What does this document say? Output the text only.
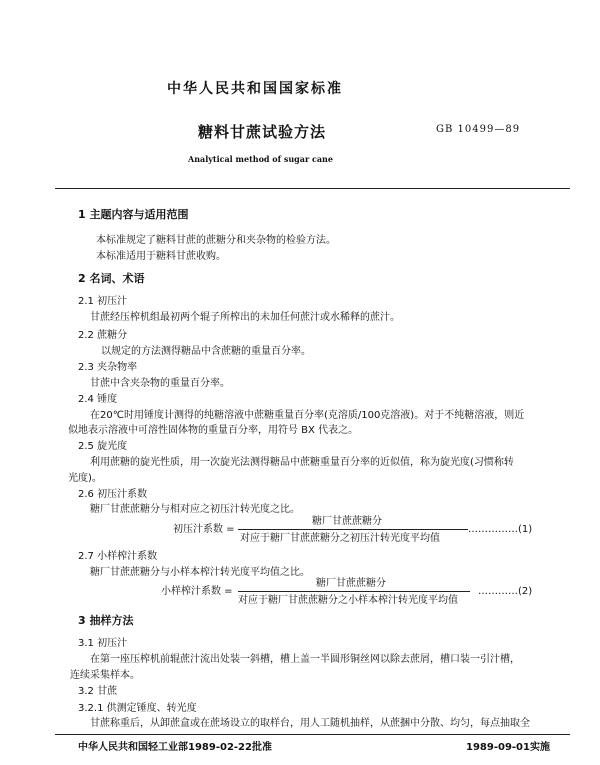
中华人民共和国国家标准
糖料甘蔗试验方法	GB 10499—89
Analytical method of sugar cane
1 主题内容与适用范围
本标准规定了糖料甘蔗的蔗糖分和夹杂物的检验方法。
本标准适用于糖料甘蔗收购。
2 名词、术语
2.1 初压汁
甘蔗经压榨机组最初两个辊子所榨出的未加任何蔗汁或水稀释的蔗汁。
2.2 蔗糖分
以规定的方法测得糖品中含蔗糖的重量百分率。
2.3 夹杂物率
甘蔗中含夹杂物的重量百分率。
2.4 锤度
在20℃时用锤度计测得的纯糖溶液中蔗糖重量百分率(克溶质/100克溶液)。对于不纯糖溶液，则近
似地表示溶液中可溶性固体物的重量百分率，用符号 BX 代表之。
2.5 旋光度
利用蔗糖的旋光性质，用一次旋光法测得糖品中蔗糖重量百分率的近似值，称为旋光度(习惯称转
光度)。
2.6 初压汁系数
糖厂甘蔗蔗糖分与相对应之初压汁转光度之比。
初压汁系数 =
糖厂甘蔗蔗糖分
对应于糖厂甘蔗蔗糖分之初压汁转光度平均值
……………(1)
2.7 小样榨汁系数
糖厂甘蔗蔗糖分与小样本榨汁转光度平均值之比。
小样榨汁系数 =
糖厂甘蔗蔗糖分
对应于糖厂甘蔗蔗糖分之小样本榨汁转光度平均值
…………(2)
3 抽样方法
3.1 初压汁
在第一座压榨机前辊蔗汁流出处装一斜槽，槽上盖一半圆形铜丝网以除去蔗屑，槽口装一引汁槽，
连续采集样本。
3.2 甘蔗
3.2.1 供测定锤度、转光度
甘蔗称重后，从卸蔗盒或在蔗场设立的取样台，用人工随机抽样，从蔗捆中分散、均匀，每点抽取全
中华人民共和国轻工业部1989-02-22批准	1989-09-01实施
